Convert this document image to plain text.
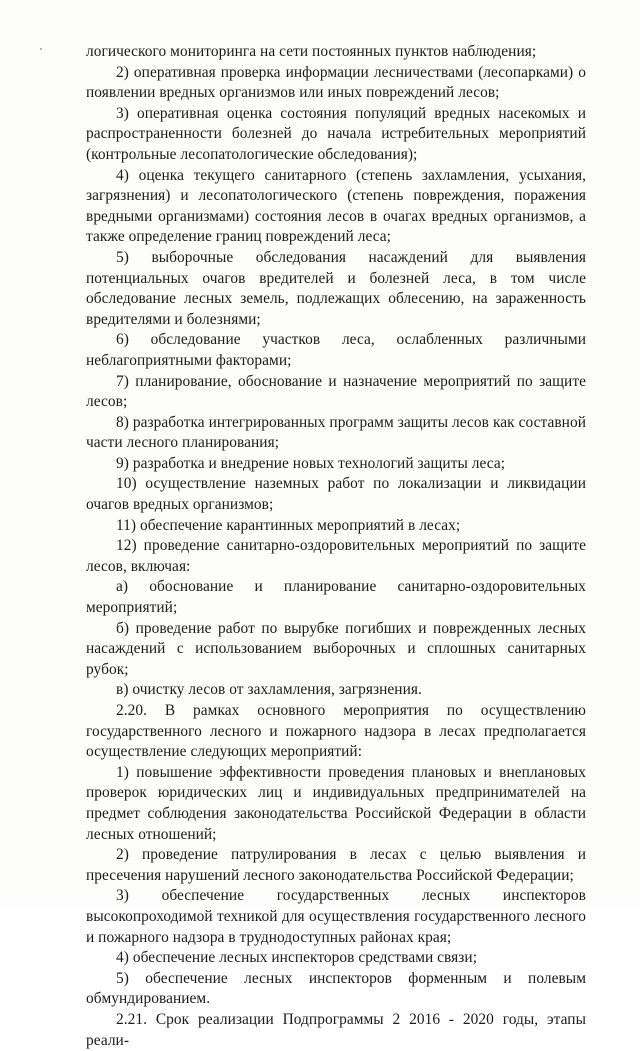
логического мониторинга на сети постоянных пунктов наблюдения;

2) оперативная проверка информации лесничествами (лесопарками) о появлении вредных организмов или иных повреждений лесов;

3) оперативная оценка состояния популяций вредных насекомых и распространенности болезней до начала истребительных мероприятий (контрольные лесопатологические обследования);

4) оценка текущего санитарного (степень захламления, усыхания, загрязнения) и лесопатологического (степень повреждения, поражения вредными организмами) состояния лесов в очагах вредных организмов, а также определение границ повреждений леса;

5) выборочные обследования насаждений для выявления потенциальных очагов вредителей и болезней леса, в том числе обследование лесных земель, подлежащих облесению, на зараженность вредителями и болезнями;

6) обследование участков леса, ослабленных различными неблагоприятными факторами;

7) планирование, обоснование и назначение мероприятий по защите лесов;

8) разработка интегрированных программ защиты лесов как составной части лесного планирования;

9) разработка и внедрение новых технологий защиты леса;

10) осуществление наземных работ по локализации и ликвидации очагов вредных организмов;

11) обеспечение карантинных мероприятий в лесах;

12) проведение санитарно-оздоровительных мероприятий по защите лесов, включая:

а) обоснование и планирование санитарно-оздоровительных мероприятий;

б) проведение работ по вырубке погибших и поврежденных лесных насаждений с использованием выборочных и сплошных санитарных рубок;

в) очистку лесов от захламления, загрязнения.

2.20. В рамках основного мероприятия по осуществлению государственного лесного и пожарного надзора в лесах предполагается осуществление следующих мероприятий:

1) повышение эффективности проведения плановых и внеплановых проверок юридических лиц и индивидуальных предпринимателей на предмет соблюдения законодательства Российской Федерации в области лесных отношений;

2) проведение патрулирования в лесах с целью выявления и пресечения нарушений лесного законодательства Российской Федерации;

3) обеспечение государственных лесных инспекторов высокопроходимой техникой для осуществления государственного лесного и пожарного надзора в труднодоступных районах края;

4) обеспечение лесных инспекторов средствами связи;

5) обеспечение лесных инспекторов форменным и полевым обмундированием.

2.21. Срок реализации Подпрограммы 2 2016 - 2020 годы, этапы реали-
